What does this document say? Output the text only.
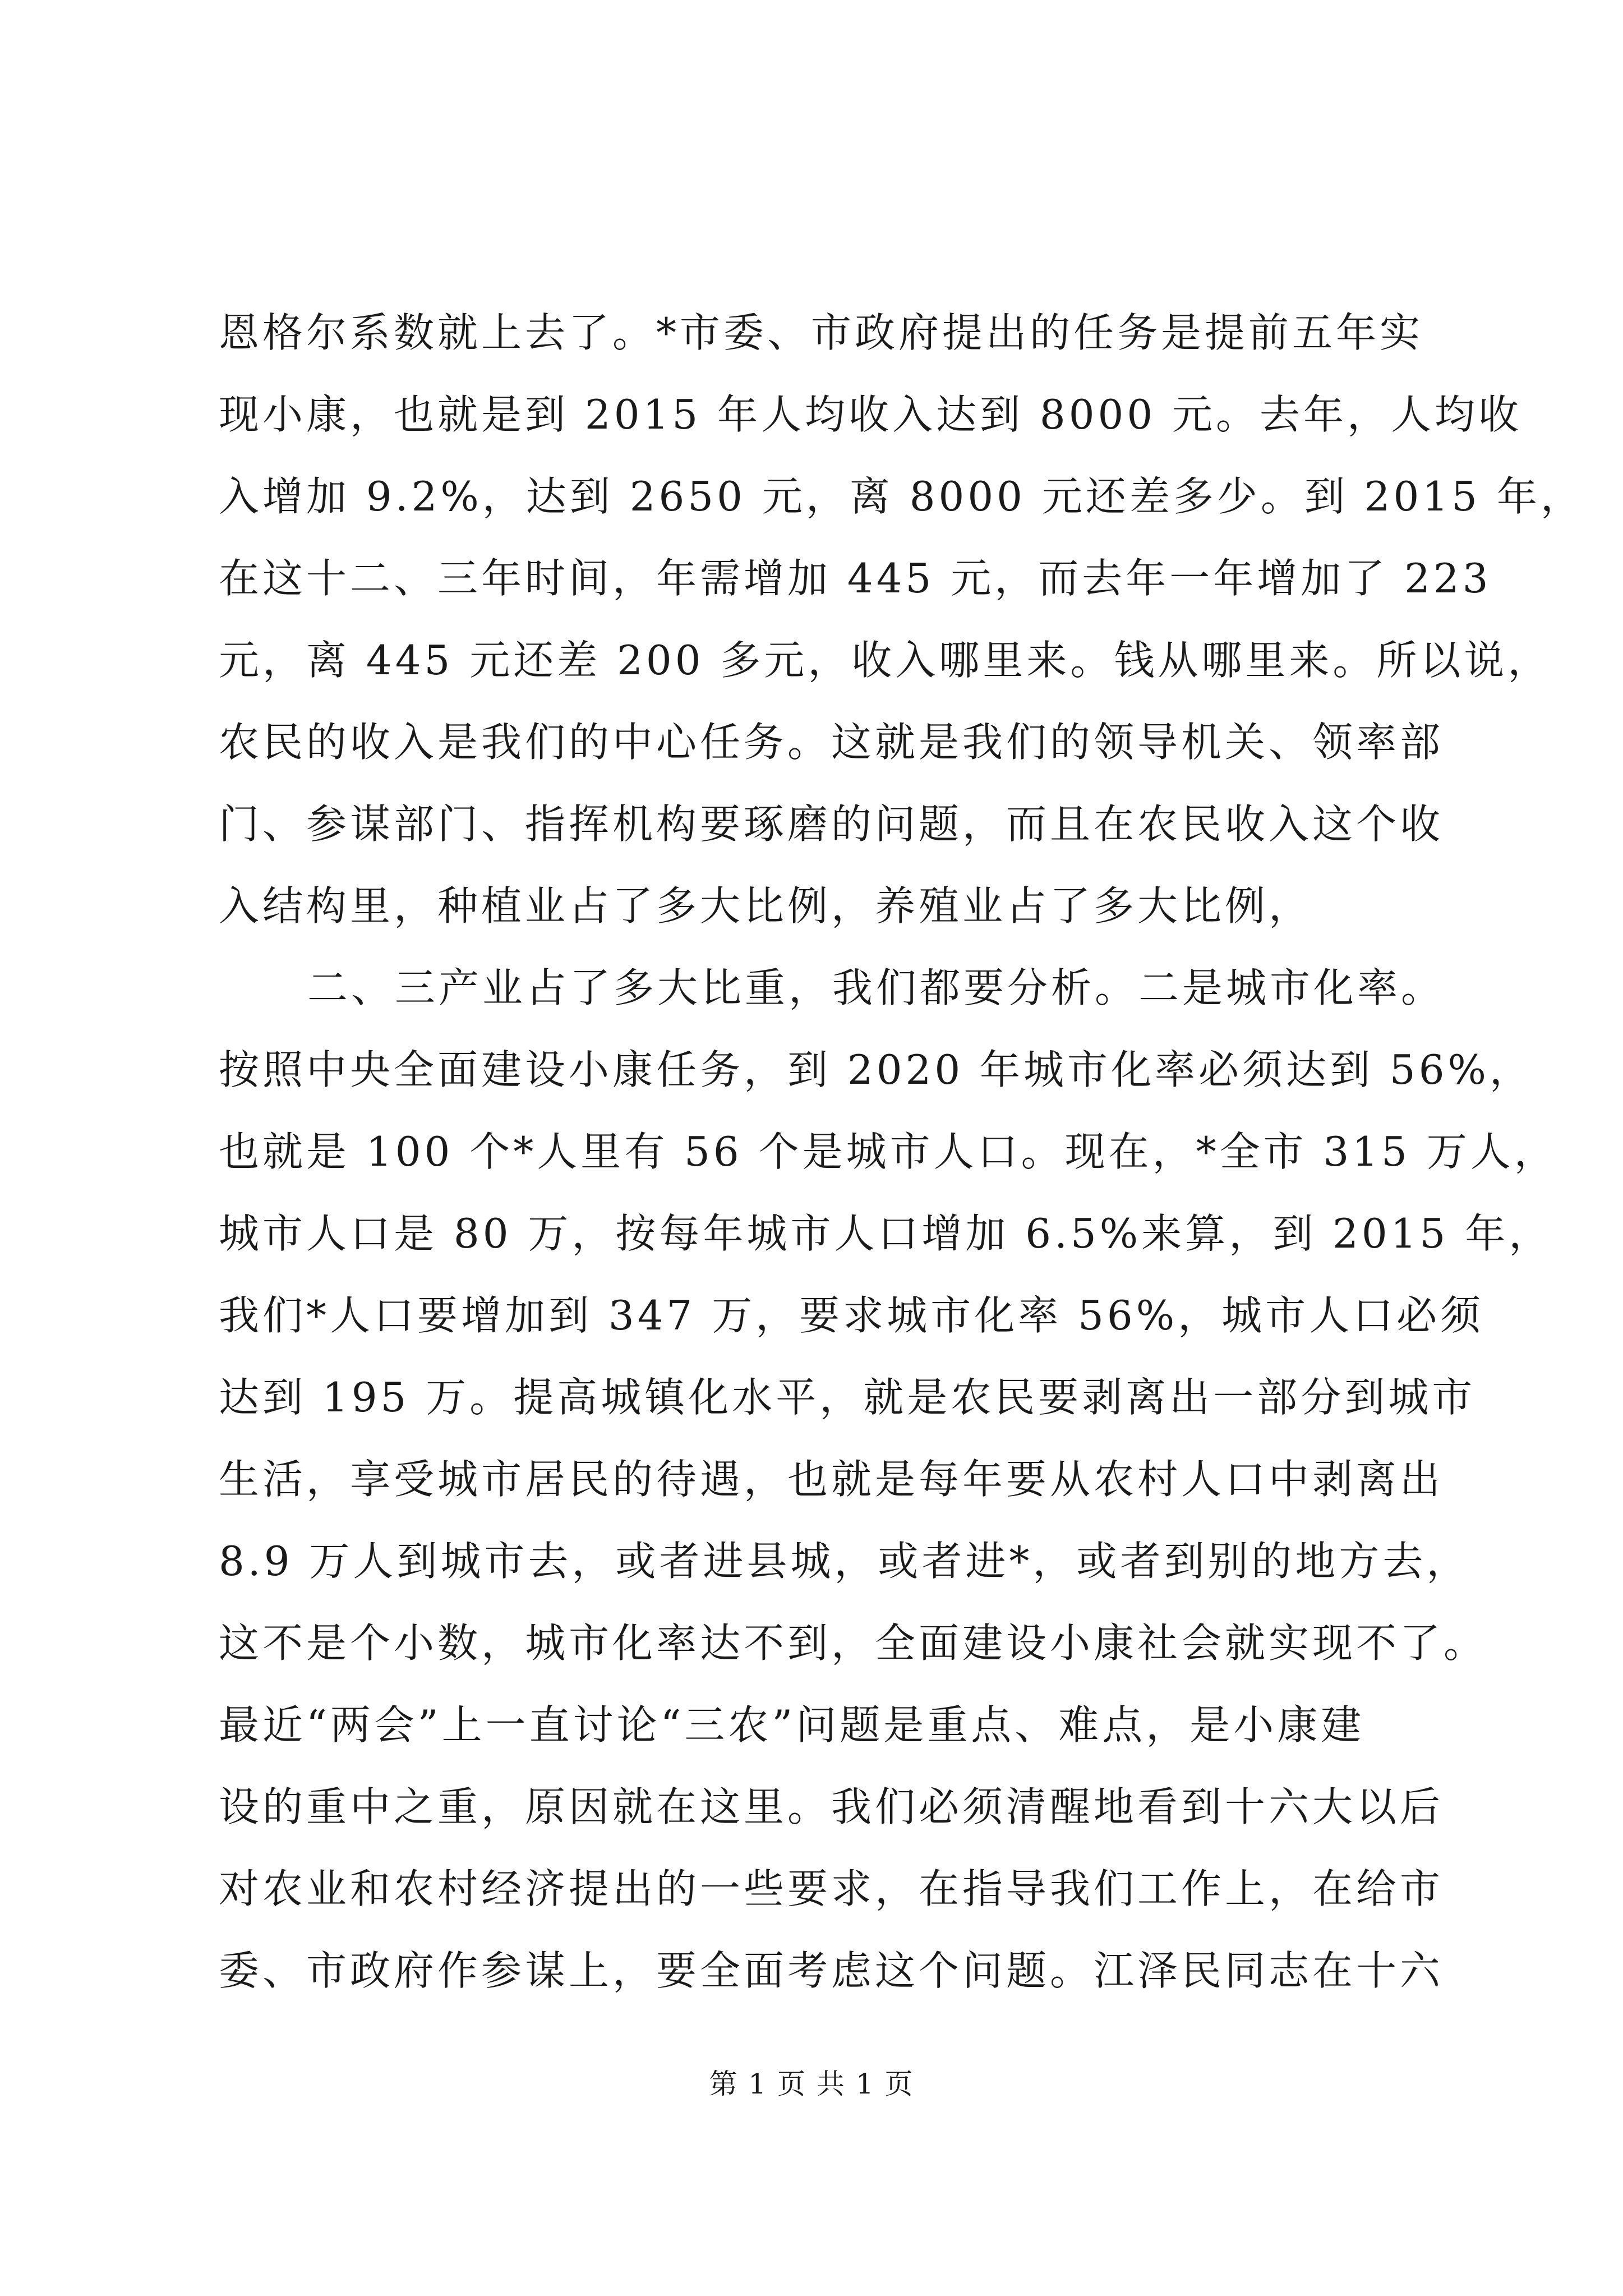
恩格尔系数就上去了。*市委、市政府提出的任务是提前五年实
现小康，也就是到 2015 年人均收入达到 8000 元。去年，人均收
入增加 9.2%，达到 2650 元，离 8000 元还差多少。到 2015 年，
在这十二、三年时间，年需增加 445 元，而去年一年增加了 223
元，离 445 元还差 200 多元，收入哪里来。钱从哪里来。所以说，
农民的收入是我们的中心任务。这就是我们的领导机关、领率部
门、参谋部门、指挥机构要琢磨的问题，而且在农民收入这个收
入结构里，种植业占了多大比例，养殖业占了多大比例，
二、三产业占了多大比重，我们都要分析。二是城市化率。
按照中央全面建设小康任务，到 2020 年城市化率必须达到 56%，
也就是 100 个*人里有 56 个是城市人口。现在，*全市 315 万人，
城市人口是 80 万，按每年城市人口增加 6.5%来算，到 2015 年，
我们*人口要增加到 347 万，要求城市化率 56%，城市人口必须
达到 195 万。提高城镇化水平，就是农民要剥离出一部分到城市
生活，享受城市居民的待遇，也就是每年要从农村人口中剥离出
8.9 万人到城市去，或者进县城，或者进*，或者到别的地方去，
这不是个小数，城市化率达不到，全面建设小康社会就实现不了。
最近“两会”上一直讨论“三农”问题是重点、难点，是小康建
设的重中之重，原因就在这里。我们必须清醒地看到十六大以后
对农业和农村经济提出的一些要求，在指导我们工作上，在给市
委、市政府作参谋上，要全面考虑这个问题。江泽民同志在十六
第 1 页 共 1 页
